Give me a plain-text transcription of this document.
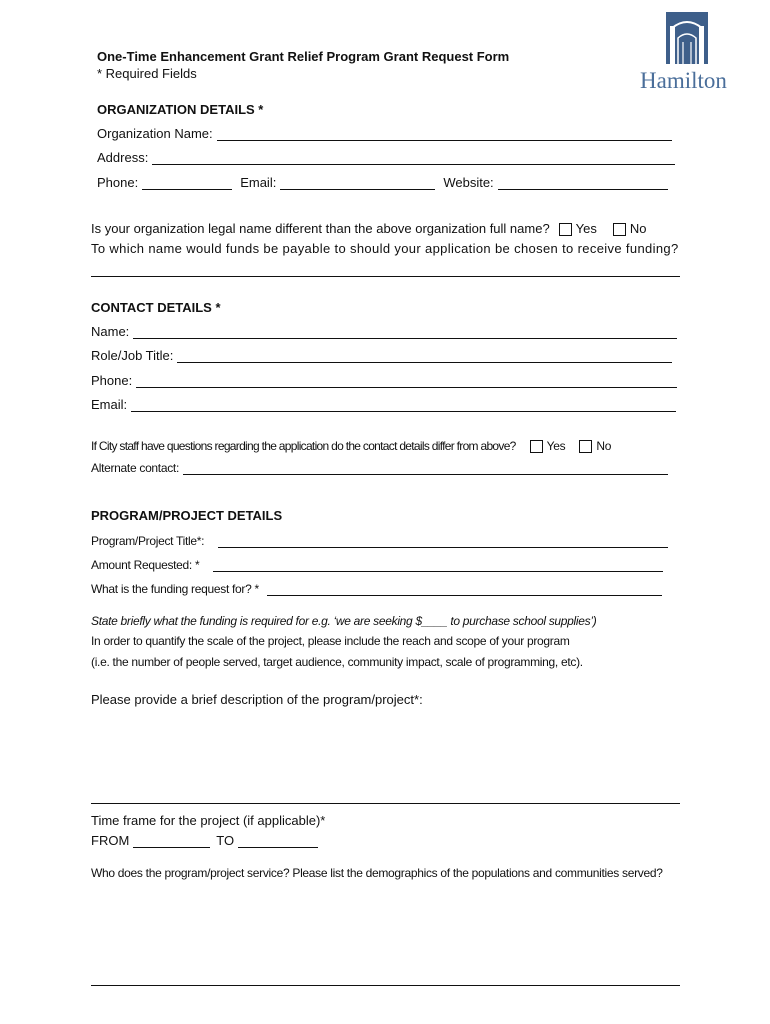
Hamilton
One-Time Enhancement Grant Relief Program Grant Request Form
* Required Fields
ORGANIZATION DETAILS *
Organization Name:
Address:
Phone:	Email:	Website:
Is your organization legal name different than the above organization full name? Yes	No
To which name would funds be payable to should your application be chosen to receive funding?
CONTACT DETAILS *
Name:
Role/Job Title:
Phone:
Email:
If City staff have questions regarding the application do the contact details differ from above?	Yes	No
Alternate contact:
PROGRAM/PROJECT DETAILS
Program/Project Title*:
Amount Requested: *
What is the funding request for? *
State briefly what the funding is required for e.g. ‘we are seeking $____ to purchase school supplies’)
In order to quantify the scale of the project, please include the reach and scope of your program
(i.e. the number of people served, target audience, community impact, scale of programming, etc).
Please provide a brief description of the program/project*:
Time frame for the project (if applicable)*
FROM	TO
Who does the program/project service? Please list the demographics of the populations and communities served?
